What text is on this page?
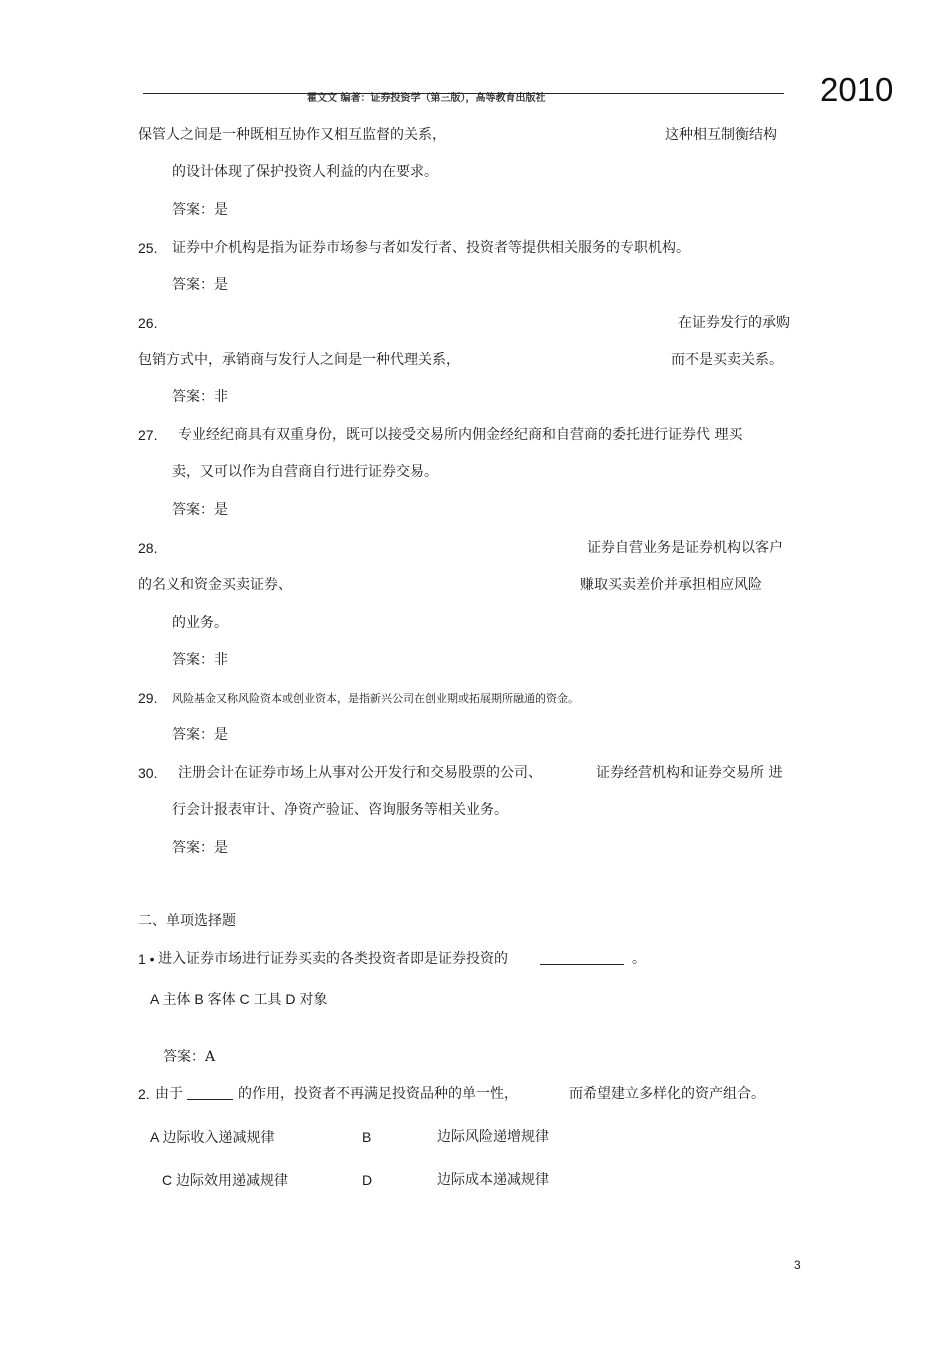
霍文文 编著：证券投资学（第三版），高等教育出版社	2010
保管人之间是一种既相互协作又相互监督的关系，	这种相互制衡结构
的设计体现了保护投资人利益的内在要求。
答案：是
25. 证券中介机构是指为证券市场参与者如发行者、投资者等提供相关服务的专职机构。
答案：是
26.	在证券发行的承购
包销方式中，承销商与发行人之间是一种代理关系，	而不是买卖关系。
答案：非
27. 专业经纪商具有双重身份，既可以接受交易所内佣金经纪商和自营商的委托进行证券代 理买
卖，又可以作为自营商自行进行证券交易。
答案：是
28.	证券自营业务是证券机构以客户
的名义和资金买卖证券、	赚取买卖差价并承担相应风险
的业务。
答案：非
29. 风险基金又称风险资本或创业资本，是指新兴公司在创业期或拓展期所融通的资金。
答案：是
30. 注册会计在证券市场上从事对公开发行和交易股票的公司、	证券经营机构和证券交易所 进
行会计报表审计、净资产验证、咨询服务等相关业务。
答案：是
二、单项选择题
1 • 进入证券市场进行证券买卖的各类投资者即是证券投资的	。
A 主体 B 客体 C 工具 D 对象
答案：A
2. 由于	的作用，投资者不再满足投资品种的单一性，	而希望建立多样化的资产组合。
A 边际收入递减规律	B	边际风险递增规律
C 边际效用递减规律	D	边际成本递减规律
3
